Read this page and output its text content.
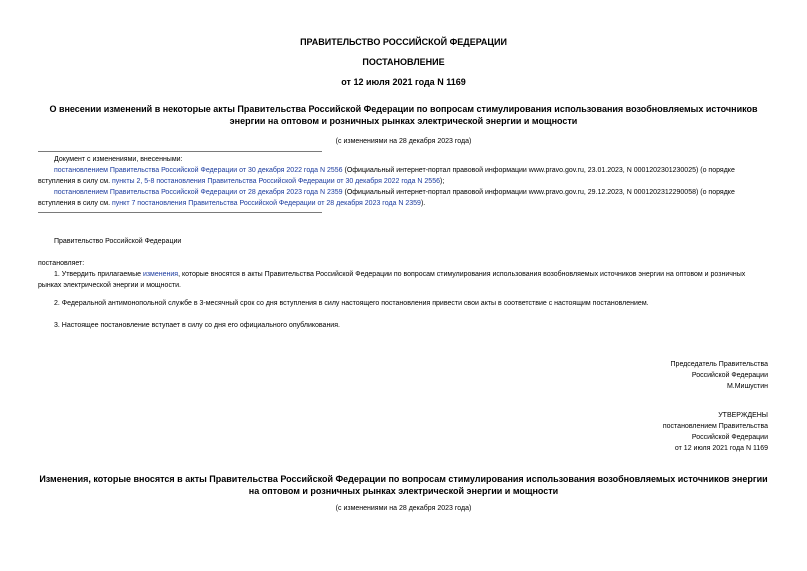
ПРАВИТЕЛЬСТВО РОССИЙСКОЙ ФЕДЕРАЦИИ
ПОСТАНОВЛЕНИЕ
от 12 июля 2021 года N 1169
О внесении изменений в некоторые акты Правительства Российской Федерации по вопросам стимулирования использования возобновляемых источников
энергии на оптовом и розничных рынках электрической энергии и мощности
(с изменениями на 28 декабря 2023 года)
Документ с изменениями, внесенными:
постановлением Правительства Российской Федерации от 30 декабря 2022 года N 2556 (Официальный интернет-портал правовой информации www.pravo.gov.ru, 23.01.2023, N 0001202301230025) (о порядке
вступления в силу см. пункты 2, 5-8 постановления Правительства Российской Федерации от 30 декабря 2022 года N 2556);
постановлением Правительства Российской Федерации от 28 декабря 2023 года N 2359 (Официальный интернет-портал правовой информации www.pravo.gov.ru, 29.12.2023, N 0001202312290058) (о порядке
вступления в силу см. пункт 7 постановления Правительства Российской Федерации от 28 декабря 2023 года N 2359).
Правительство Российской Федерации
постановляет:
1. Утвердить прилагаемые изменения, которые вносятся в акты Правительства Российской Федерации по вопросам стимулирования использования возобновляемых источников энергии на оптовом и розничных
рынках электрической энергии и мощности.
2. Федеральной антимонопольной службе в 3-месячный срок со дня вступления в силу настоящего постановления привести свои акты в соответствие с настоящим постановлением.
3. Настоящее постановление вступает в силу со дня его официального опубликования.
Председатель Правительства
Российской Федерации
М.Мишустин
УТВЕРЖДЕНЫ
постановлением Правительства
Российской Федерации
от 12 июля 2021 года N 1169
Изменения, которые вносятся в акты Правительства Российской Федерации по вопросам стимулирования использования возобновляемых источников энергии
на оптовом и розничных рынках электрической энергии и мощности
(с изменениями на 28 декабря 2023 года)
